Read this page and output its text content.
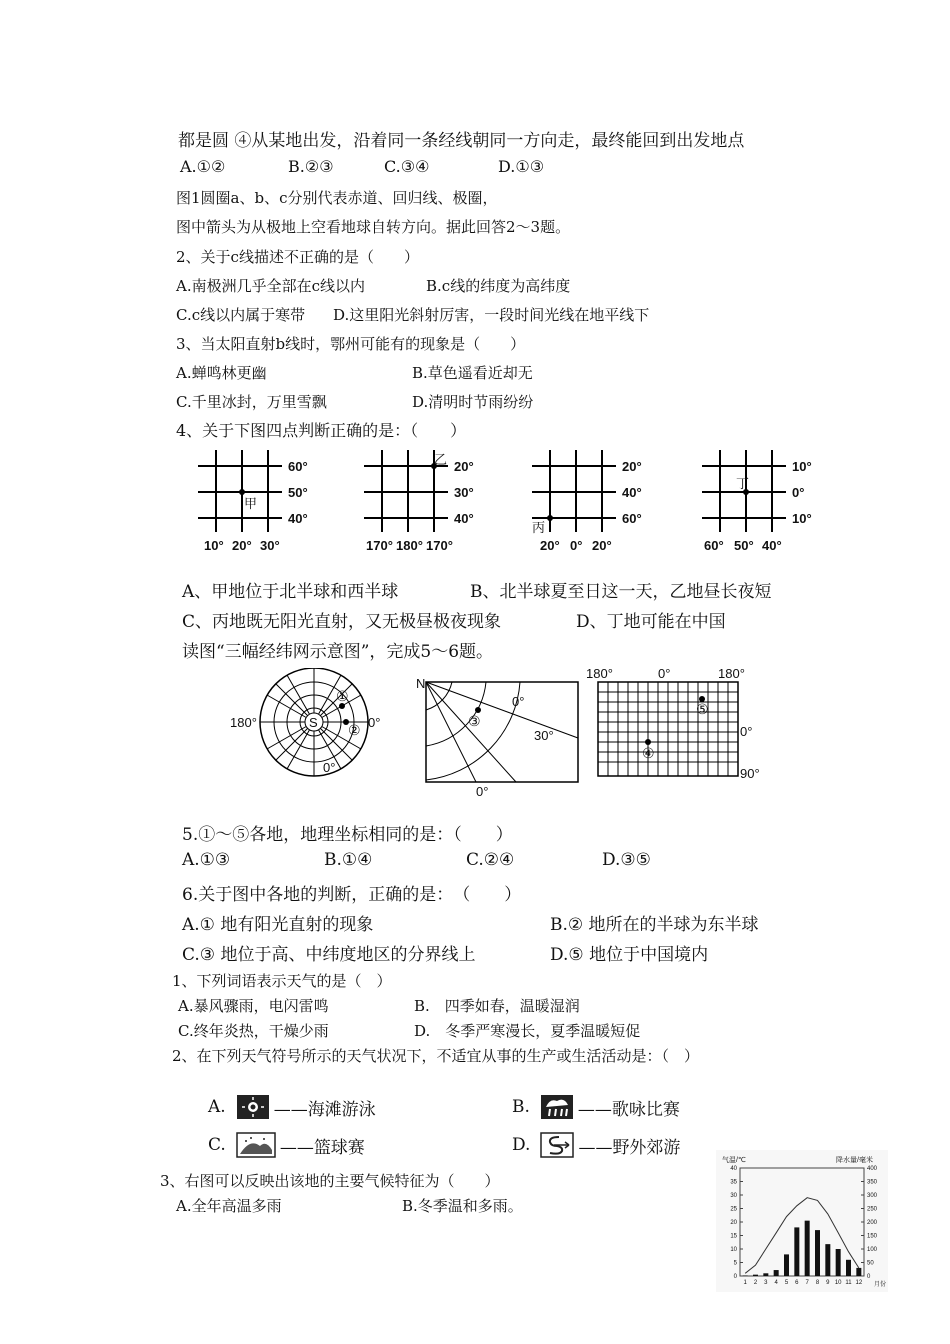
都是圆 ④从某地出发，沿着同一条经线朝同一方向走，最终能回到出发地点
A.①②	B.②③	C.③④	D.①③
图1圆圈a、b、c分别代表赤道、回归线、极圈，
图中箭头为从极地上空看地球自转方向。据此回答2～3题。
2、关于c线描述不正确的是（　　）
A.南极洲几乎全部在c线以内	B.c线的纬度为高纬度
C.c线以内属于寒带 D.这里阳光斜射厉害，一段时间光线在地平线下
3、当太阳直射b线时，鄂州可能有的现象是（　　）
A.蝉鸣林更幽	B.草色遥看近却无
C.千里冰封，万里雪飘	D.清明时节雨纷纷
4、关于下图四点判断正确的是：（　　）
甲
60°
50°
40°
10° 20° 30°
乙 20°
30°
40°
170° 180° 170°
丙
20°
40°
60°
20° 0° 20°
丁
10°
0°
10°
60° 50° 40°
A、甲地位于北半球和西半球	B、北半球夏至日这一天，乙地昼长夜短
C、丙地既无阳光直射，又无极昼极夜现象	D、丁地可能在中国
读图“三幅经纬网示意图”，完成5～6题。
S
180°	0°
0°
①
②
N
③
0°
30°
0°
180°	0°	180°
0°
90°
⑤
④
5.①～⑤各地，地理坐标相同的是：（　　）
A.①③	B.①④	C.②④	D.③⑤
6.关于图中各地的判断，正确的是：　（　　）
A.① 地有阳光直射的现象	B.② 地所在的半球为东半球
C.③ 地位于高、中纬度地区的分界线上	D.⑤ 地位于中国境内
1、下列词语表示天气的是（　）
A.暴风骤雨，电闪雷鸣	B.　四季如春，温暖湿润
C.终年炎热，干燥少雨	D.　冬季严寒漫长，夏季温暖短促
2、在下列天气符号所示的天气状况下，不适宜从事的生产或生活活动是：（　）
A.	——海滩游泳	B.	——歌咏比赛
C.	——篮球赛	D.	——野外郊游
3、右图可以反映出该地的主要气候特征为（　　）
A.全年高温多雨	B.冬季温和多雨。
气温/℃	降水量/毫米
月份
0
5
10
15
20
25
30
35
40
0
50
100
150
200
250
300
350
400
1 2 3 4 5 6 7 8 9 10 11 12
